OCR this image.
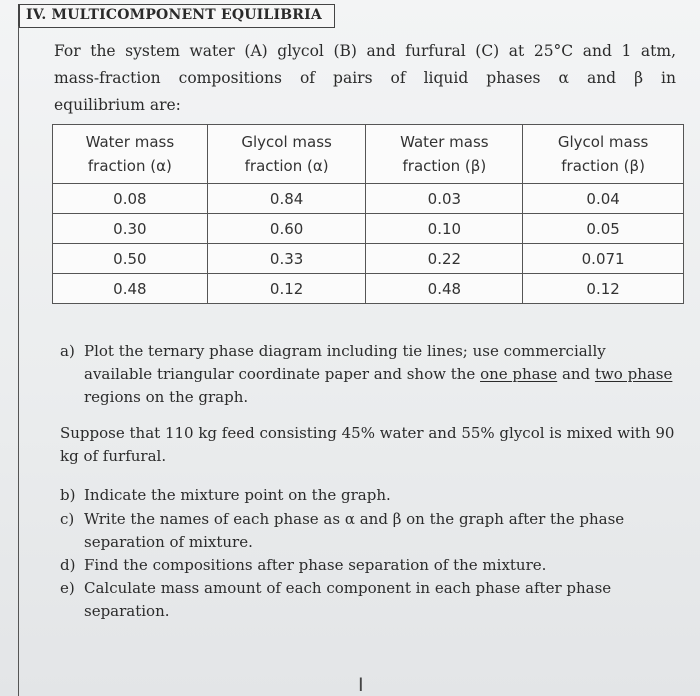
IV. MULTICOMPONENT EQUILIBRIA
For the system water (A) glycol (B) and furfural (C) at 25°C and 1 atm,
mass-fraction compositions of pairs of liquid phases α and β in
equilibrium are:
Water mass
fraction (α)	Glycol mass
fraction (α)	Water mass
fraction (β)	Glycol mass
fraction (β)
0.08	0.84	0.03	0.04
0.30	0.60	0.10	0.05
0.50	0.33	0.22	0.071
0.48	0.12	0.48	0.12
a) Plot the ternary phase diagram including tie lines; use commercially available triangular coordinate paper and show the one phase and two phase regions on the graph.
Suppose that 110 kg feed consisting 45% water and 55% glycol is mixed with 90 kg of furfural.
b) Indicate the mixture point on the graph.
c) Write the names of each phase as α and β on the graph after the phase separation of mixture.
d) Find the compositions after phase separation of the mixture.
e) Calculate mass amount of each component in each phase after phase separation.
I
